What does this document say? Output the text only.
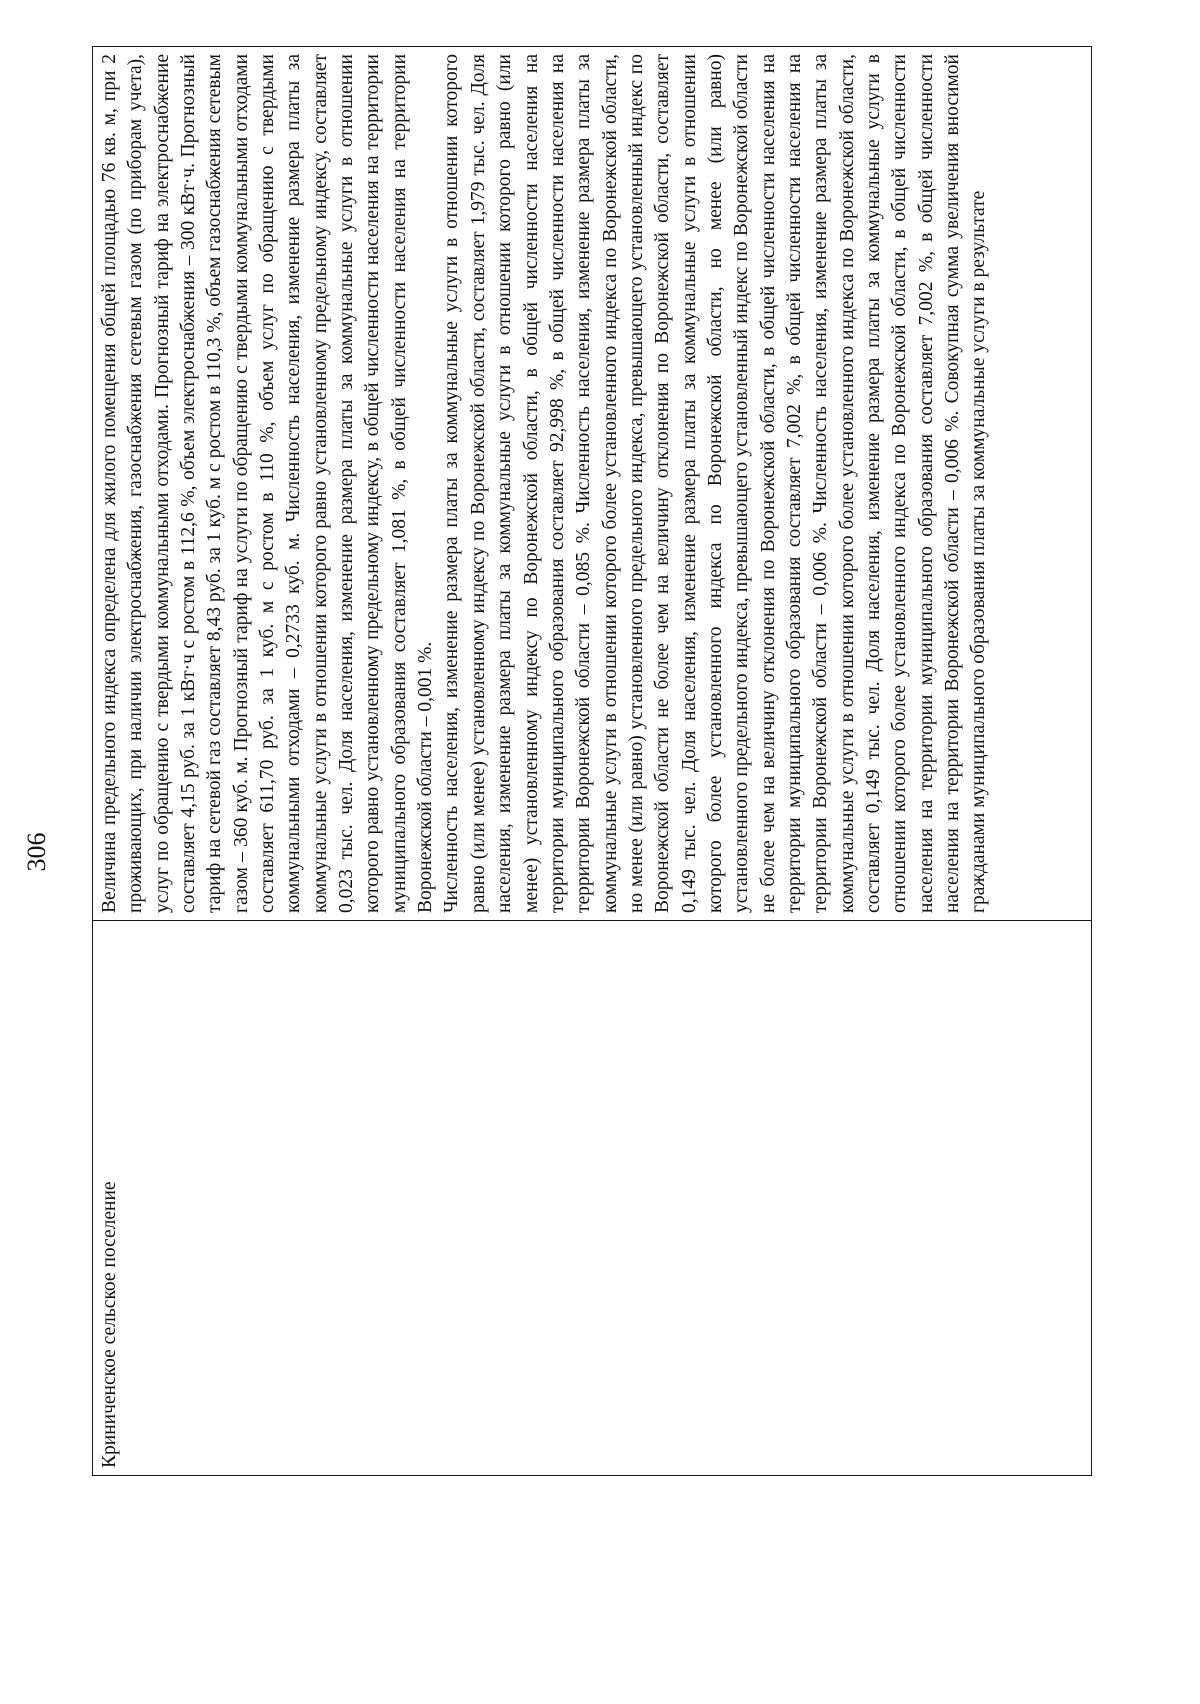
306
Криниченское сельское поселение

Величина предельного индекса определена для жилого помещения общей площадью 76 кв. м, при 2 проживающих, при наличии электроснабжения, газоснабжения сетевым газом (по приборам учета), услуг по обращению с твердыми коммунальными отходами. Прогнозный тариф на электроснабжение составляет 4,15 руб. за 1 кВт·ч с ростом в 112,6 %, объем электроснабжения – 300 кВт·ч. Прогнозный тариф на сетевой газ составляет 8,43 руб. за 1 куб. м с ростом в 110,3 %, объем газоснабжения сетевым газом – 360 куб. м. Прогнозный тариф на услуги по обращению с твердыми коммунальными отходами составляет 611,70 руб. за 1 куб. м с ростом в 110 %, объем услуг по обращению с твердыми коммунальными отходами – 0,2733 куб. м. Численность населения, изменение размера платы за коммунальные услуги в отношении которого равно установленному предельному индексу, составляет 0,023 тыс. чел. Доля населения, изменение размера платы за коммунальные услуги в отношении которого равно установленному предельному индексу, в общей численности населения на территории муниципального образования составляет 1,081 %, в общей численности населения на территории Воронежской области – 0,001 %. Численность населения, изменение размера платы за коммунальные услуги в отношении которого равно (или менее) установленному индексу по Воронежской области, составляет 1,979 тыс. чел. Доля населения, изменение размера платы за коммунальные услуги в отношении которого равно (или менее) установленному индексу по Воронежской области, в общей численности населения на территории муниципального образования составляет 92,998 %, в общей численности населения на территории Воронежской области – 0,085 %. Численность населения, изменение размера платы за коммунальные услуги в отношении которого более установленного индекса по Воронежской области, но менее (или равно) установленного предельного индекса, превышающего установленный индекс по Воронежской области не более чем на величину отклонения по Воронежской области, составляет 0,149 тыс. чел. Доля населения, изменение размера платы за коммунальные услуги в отношении которого более установленного индекса по Воронежской области, но менее (или равно) установленного предельного индекса, превышающего установленный индекс по Воронежской области не более чем на величину отклонения по Воронежской области, в общей численности населения на территории муниципального образования составляет 7,002 %, в общей численности населения на территории Воронежской области – 0,006 %. Численность населения, изменение размера платы за коммунальные услуги в отношении которого более установленного индекса по Воронежской области, составляет 0,149 тыс. чел. Доля населения, изменение размера платы за коммунальные услуги в отношении которого более установленного индекса по Воронежской области, в общей численности населения на территории муниципального образования составляет 7,002 %, в общей численности населения на территории Воронежской области – 0,006 %. Совокупная сумма увеличения вносимой гражданами муниципального образования платы за коммунальные услуги в результате
